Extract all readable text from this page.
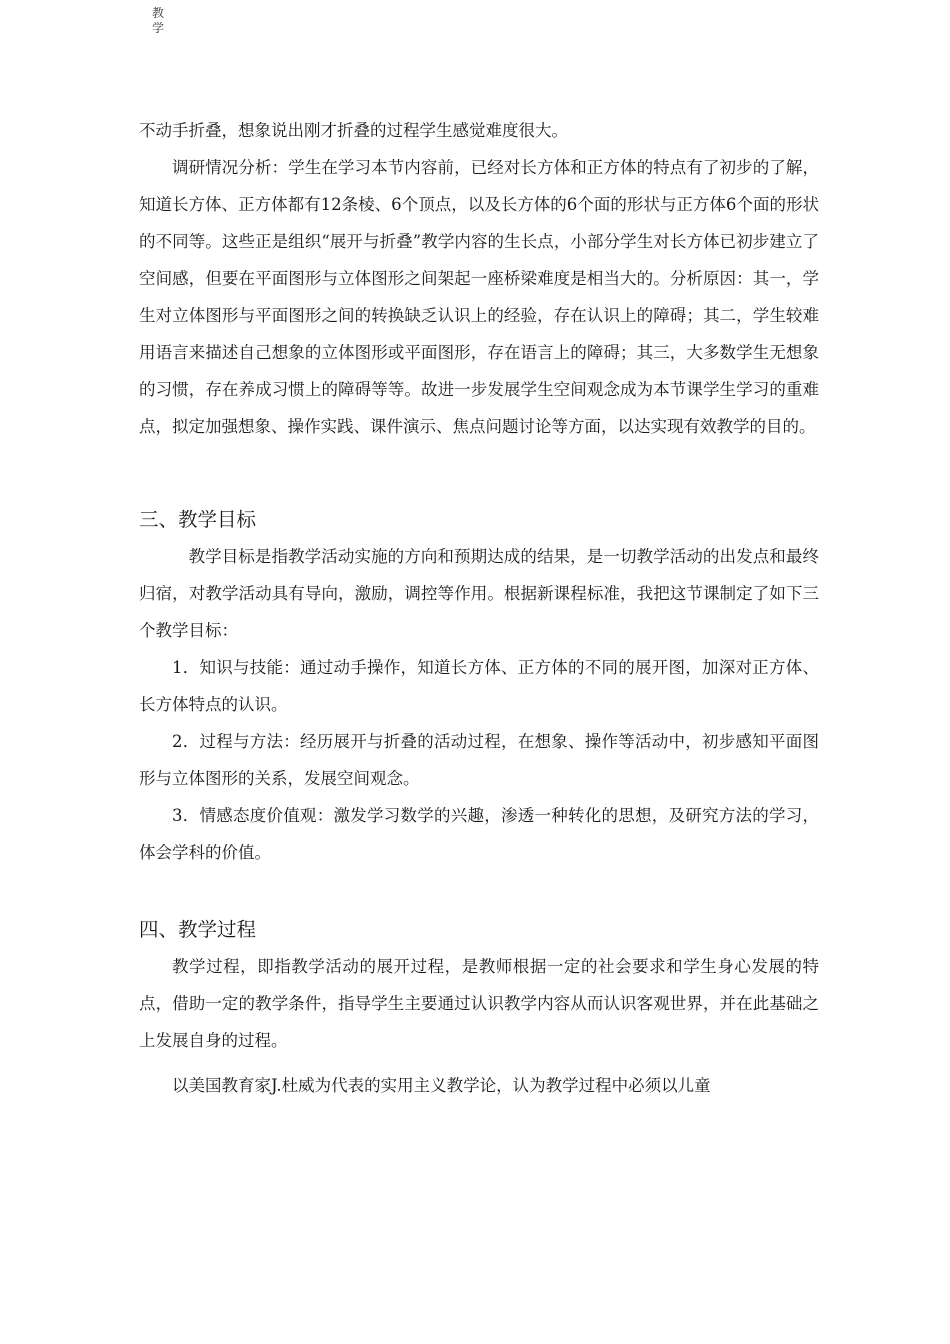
教
学

不动手折叠，想象说出刚才折叠的过程学生感觉难度很大。

调研情况分析：学生在学习本节内容前，已经对长方体和正方体的特点有了初步的了解，知道长方体、正方体都有12条棱、6个顶点，以及长方体的6个面的形状与正方体6个面的形状的不同等。这些正是组织“展开与折叠”教学内容的生长点，小部分学生对长方体已初步建立了空间感，但要在平面图形与立体图形之间架起一座桥梁难度是相当大的。分析原因：其一，学生对立体图形与平面图形之间的转换缺乏认识上的经验，存在认识上的障碍；其二，学生较难用语言来描述自己想象的立体图形或平面图形，存在语言上的障碍；其三，大多数学生无想象的习惯，存在养成习惯上的障碍等等。故进一步发展学生空间观念成为本节课学生学习的重难点，拟定加强想象、操作实践、课件演示、焦点问题讨论等方面，以达实现有效教学的目的。

三、教学目标

教学目标是指教学活动实施的方向和预期达成的结果，是一切教学活动的出发点和最终归宿，对教学活动具有导向，激励，调控等作用。根据新课程标准，我把这节课制定了如下三个教学目标：

1．知识与技能：通过动手操作，知道长方体、正方体的不同的展开图，加深对正方体、长方体特点的认识。

2．过程与方法：经历展开与折叠的活动过程，在想象、操作等活动中，初步感知平面图形与立体图形的关系，发展空间观念。

3．情感态度价值观：激发学习数学的兴趣，渗透一种转化的思想，及研究方法的学习，体会学科的价值。

四、教学过程

教学过程，即指教学活动的展开过程，是教师根据一定的社会要求和学生身心发展的特点，借助一定的教学条件，指导学生主要通过认识教学内容从而认识客观世界，并在此基础之上发展自身的过程。

以美国教育家J.杜威为代表的实用主义教学论，认为教学过程中必须以儿童
